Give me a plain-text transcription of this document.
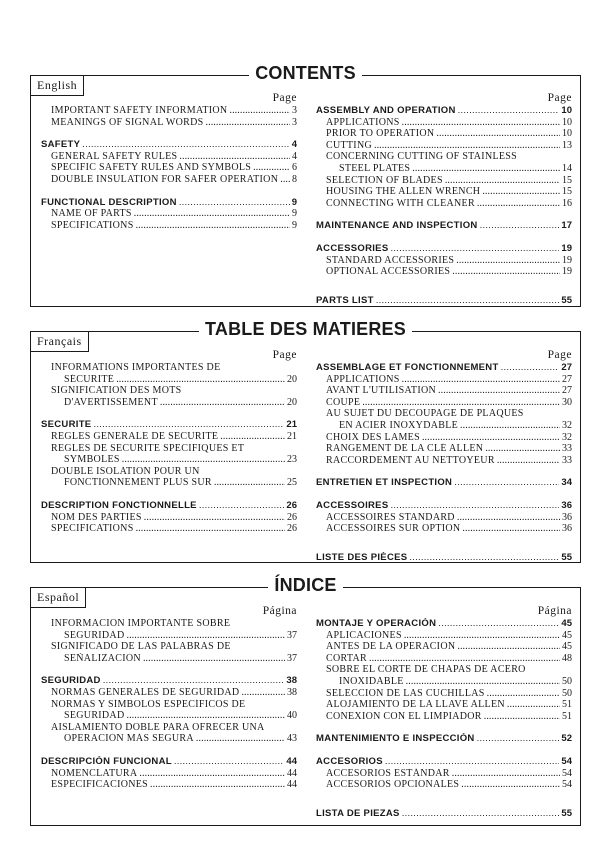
CONTENTS
English
Page
IMPORTANT SAFETY INFORMATION . . .	3
MEANINGS OF SIGNAL WORDS . . .	3
SAFETY . . .	4
GENERAL SAFETY RULES . . .	4
SPECIFIC SAFETY RULES AND SYMBOLS . . .	6
DOUBLE INSULATION FOR SAFER OPERATION . . . 8
FUNCTIONAL DESCRIPTION . . .	9
NAME OF PARTS . . .	9
SPECIFICATIONS . . .	9
Page
ASSEMBLY AND OPERATION . . .	10
APPLICATIONS . . .	10
PRIOR TO OPERATION . . .	10
CUTTING . . .	13
CONCERNING CUTTING OF STAINLESS
STEEL PLATES . . .	14
SELECTION OF BLADES . . .	15
HOUSING THE ALLEN WRENCH . . .	15
CONNECTING WITH CLEANER . . .	16
MAINTENANCE AND INSPECTION . . .	17
ACCESSORIES . . .	19
STANDARD ACCESSORIES . . .	19
OPTIONAL ACCESSORIES . . .	19
PARTS LIST . . .	55
TABLE DES MATIERES
Français
Page
INFORMATIONS IMPORTANTES DE
SÉCURITÉ . . .	20
SIGNIFICATION DES MOTS
D'AVERTISSEMENT . . .	20
SECURITE . . .	21
REGLES GENERALE DE SECURITE . . .	21
REGLES DE SECURITE SPECIFIQUES ET
SYMBOLES . . .	23
DOUBLE ISOLATION POUR UN
FONCTIONNEMENT PLUS SUR . . .	25
DESCRIPTION FONCTIONNELLE . . .	26
NOM DES PARTIES . . .	26
SPECIFICATIONS . . .	26
Page
ASSEMBLAGE ET FONCTIONNEMENT . . .	27
APPLICATIONS . . .	27
AVANT L'UTILISATION . . .	27
COUPE . . .	30
AU SUJET DU DECOUPAGE DE PLAQUES
EN ACIER INOXYDABLE . . .	32
CHOIX DES LAMES . . .	32
RANGEMENT DE LA CLÉ ALLEN . . .	33
RACCORDEMENT AU NETTOYEUR . . .	33
ENTRETIEN ET INSPECTION . . .	34
ACCESSOIRES . . .	36
ACCESSOIRES STANDARD . . .	36
ACCESSOIRES SUR OPTION . . .	36
LISTE DES PIÈCES . . .	55
ÍNDICE
Español
Página
INFORMACIÓN IMPORTANTE SOBRE
SEGURIDAD . . .	37
SIGNIFICADO DE LAS PALABRAS DE
SEÑALIZACIÓN . . .	37
SEGURIDAD . . .	38
NORMAS GENERALES DE SEGURIDAD . . .	38
NORMAS Y SÍMBOLOS ESPECÍFICOS DE
SEGURIDAD . . .	40
AISLAMIENTO DOBLE PARA OFRECER UNA
OPERACIÓN MÁS SEGURA . . .	43
DESCRIPCIÓN FUNCIONAL . . .	44
NOMENCLATURA . . .	44
ESPECIFICACIONES . . .	44
Página
MONTAJE Y OPERACIÓN . . .	45
APLICACIONES . . .	45
ANTES DE LA OPERACIÓN . . .	45
CORTAR . . .	48
SOBRE EL CORTE DE CHAPAS DE ACERO
INOXIDABLE . . .	50
SELECCION DE LAS CUCHILLAS . . .	50
ALOJAMIENTO DE LA LLAVE ALLEN . . .	51
CONEXION CON EL LIMPIADOR . . .	51
MANTENIMIENTO E INSPECCIÓN . . .	52
ACCESORIOS . . .	54
ACCESORIOS ESTÁNDAR . . .	54
ACCESORIOS OPCIONALES . . .	54
LISTA DE PIEZAS . . .	55
